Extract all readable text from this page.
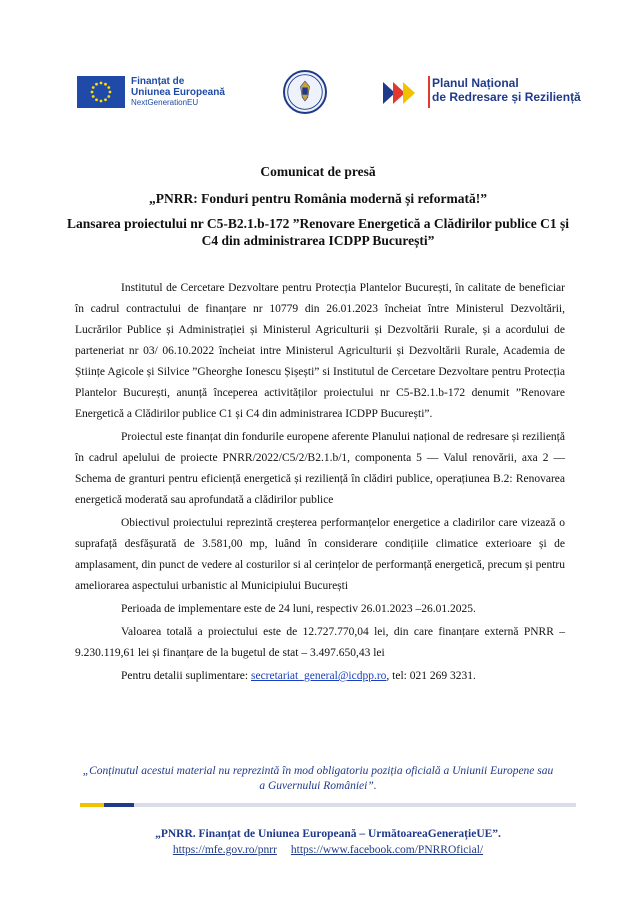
Finanțat de
Uniunea Europeană
NextGenerationEU
Planul Național
de Redresare și Reziliență
Comunicat de presă
„PNRR: Fonduri pentru România modernă și reformată!”
Lansarea proiectului nr C5-B2.1.b-172 ”Renovare Energetică a Clădirilor publice C1 și C4 din administrarea ICDPP București”

Institutul de Cercetare Dezvoltare pentru Protecția Plantelor București, în calitate de beneficiar în cadrul contractului de finanțare nr 10779 din 26.01.2023 încheiat între Ministerul Dezvoltării, Lucrărilor Publice și Administrației și Ministerul Agriculturii și Dezvoltării Rurale, și a acordului de parteneriat nr 03/ 06.10.2022 încheiat intre Ministerul Agriculturii și Dezvoltării Rurale, Academia de Științe Agicole și Silvice ”Gheorghe Ionescu Șișești” si Institutul de Cercetare Dezvoltare pentru Protecția Plantelor București, anunță începerea activităților proiectului nr C5-B2.1.b-172 denumit ”Renovare Energetică a Clădirilor publice C1 și C4 din administrarea ICDPP București”.

Proiectul este finanțat din fondurile europene aferente Planului național de redresare și reziliență în cadrul apelului de proiecte PNRR/2022/C5/2/B2.1.b/1, componenta 5 — Valul renovării, axa 2 — Schema de granturi pentru eficiență energetică și reziliență în clădiri publice, operațiunea B.2: Renovarea energetică moderată sau aprofundată a clădirilor publice

Obiectivul proiectului reprezintă creșterea performanțelor energetice a cladirilor care vizează o suprafață desfășurată de 3.581,00 mp, luând în considerare condițiile climatice exterioare și de amplasament, din punct de vedere al costurilor si al cerințelor de performanță energetică, precum și pentru ameliorarea aspectului urbanistic al Municipiului București

Perioada de implementare este de 24 luni, respectiv 26.01.2023 –26.01.2025.

Valoarea totală a proiectului este de 12.727.770,04 lei, din care finanțare externă PNRR – 9.230.119,61 lei și finanțare de la bugetul de stat – 3.497.650,43 lei

Pentru detalii suplimentare: secretariat_general@icdpp.ro, tel: 021 269 3231.

„Conținutul acestui material nu reprezintă în mod obligatoriu poziția oficială a Uniunii Europene sau a Guvernului României”.
„PNRR. Finanțat de Uniunea Europeană – UrmătoareaGenerațieUE”.
https://mfe.gov.ro/pnrr https://www.facebook.com/PNRROficial/
